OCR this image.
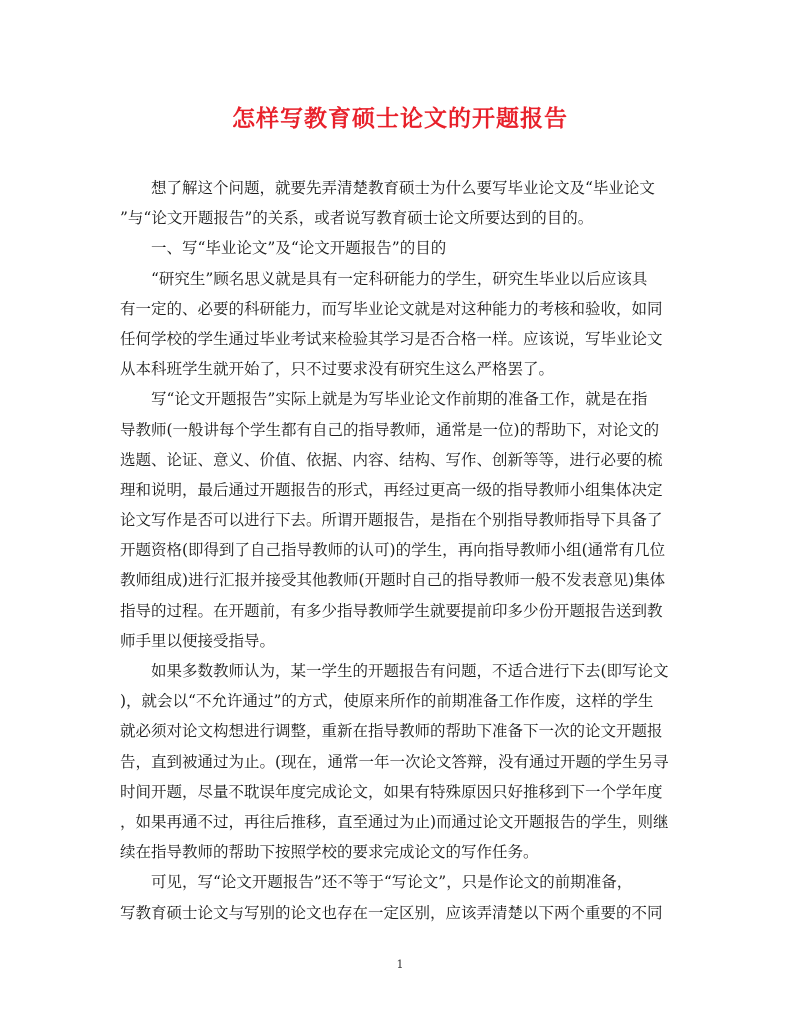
怎样写教育硕士论文的开题报告
想了解这个问题，就要先弄清楚教育硕士为什么要写毕业论文及“毕业论文
”与“论文开题报告”的关系，或者说写教育硕士论文所要达到的目的。
一、写“毕业论文”及“论文开题报告”的目的
“研究生”顾名思义就是具有一定科研能力的学生，研究生毕业以后应该具
有一定的、必要的科研能力，而写毕业论文就是对这种能力的考核和验收，如同
任何学校的学生通过毕业考试来检验其学习是否合格一样。应该说，写毕业论文
从本科班学生就开始了，只不过要求没有研究生这么严格罢了。
写“论文开题报告”实际上就是为写毕业论文作前期的准备工作，就是在指
导教师(一般讲每个学生都有自己的指导教师，通常是一位)的帮助下，对论文的
选题、论证、意义、价值、依据、内容、结构、写作、创新等等，进行必要的梳
理和说明，最后通过开题报告的形式，再经过更高一级的指导教师小组集体决定
论文写作是否可以进行下去。所谓开题报告，是指在个别指导教师指导下具备了
开题资格(即得到了自己指导教师的认可)的学生，再向指导教师小组(通常有几位
教师组成)进行汇报并接受其他教师(开题时自己的指导教师一般不发表意见)集体
指导的过程。在开题前，有多少指导教师学生就要提前印多少份开题报告送到教
师手里以便接受指导。
如果多数教师认为，某一学生的开题报告有问题，不适合进行下去(即写论文
)，就会以“不允许通过”的方式，使原来所作的前期准备工作作废，这样的学生
就必须对论文构想进行调整，重新在指导教师的帮助下准备下一次的论文开题报
告，直到被通过为止。(现在，通常一年一次论文答辩，没有通过开题的学生另寻
时间开题，尽量不耽误年度完成论文，如果有特殊原因只好推移到下一个学年度
，如果再通不过，再往后推移，直至通过为止)而通过论文开题报告的学生，则继
续在指导教师的帮助下按照学校的要求完成论文的写作任务。
可见，写“论文开题报告”还不等于“写论文”，只是作论文的前期准备，
写教育硕士论文与写别的论文也存在一定区别，应该弄清楚以下两个重要的不同
1
